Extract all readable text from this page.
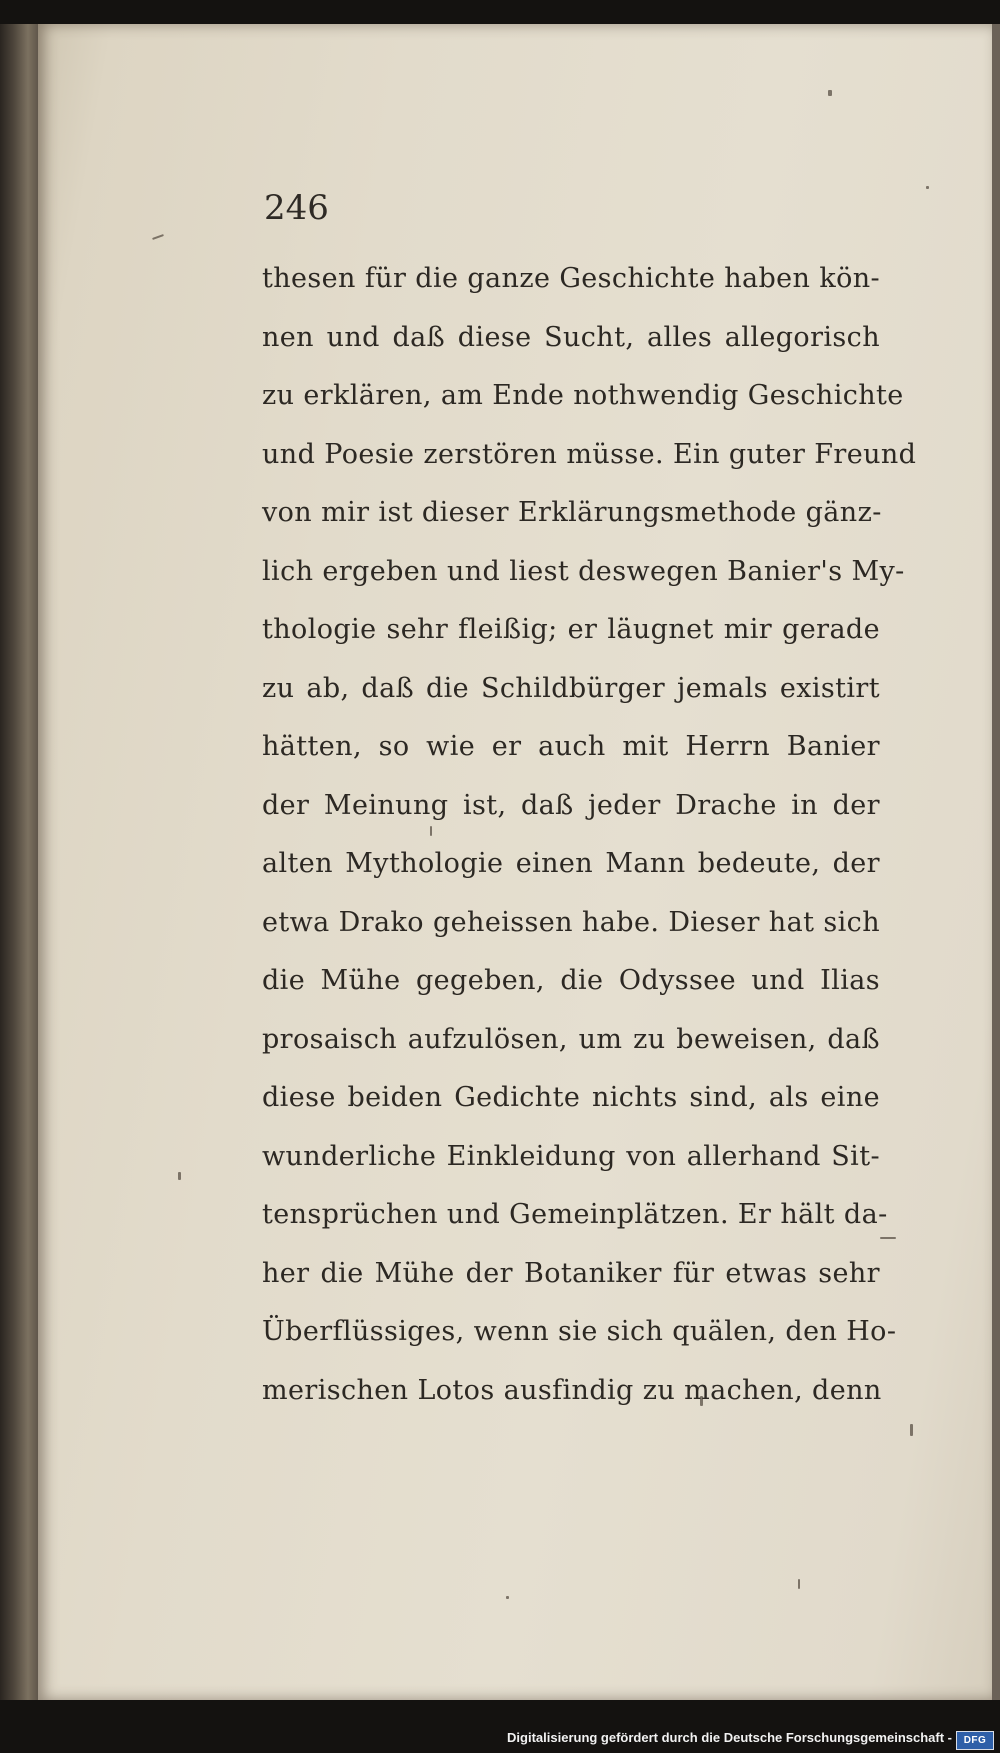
246
thesen für die ganze Geschichte haben kön-
nen und daß diese Sucht, alles allegorisch
zu erklären, am Ende nothwendig Geschichte
und Poesie zerstören müsse. Ein guter Freund
von mir ist dieser Erklärungsmethode gänz-
lich ergeben und liest deswegen Banier's My-
thologie sehr fleißig; er läugnet mir gerade
zu ab, daß die Schildbürger jemals existirt
hätten, so wie er auch mit Herrn Banier
der Meinung ist, daß jeder Drache in der
alten Mythologie einen Mann bedeute, der
etwa Drako geheissen habe. Dieser hat sich
die Mühe gegeben, die Odyssee und Ilias
prosaisch aufzulösen, um zu beweisen, daß
diese beiden Gedichte nichts sind, als eine
wunderliche Einkleidung von allerhand Sit-
tensprüchen und Gemeinplätzen. Er hält da-
her die Mühe der Botaniker für etwas sehr
Überflüssiges, wenn sie sich quälen, den Ho-
merischen Lotos ausfindig zu machen, denn
Digitalisierung gefördert durch die Deutsche Forschungsgemeinschaft -	DFG
